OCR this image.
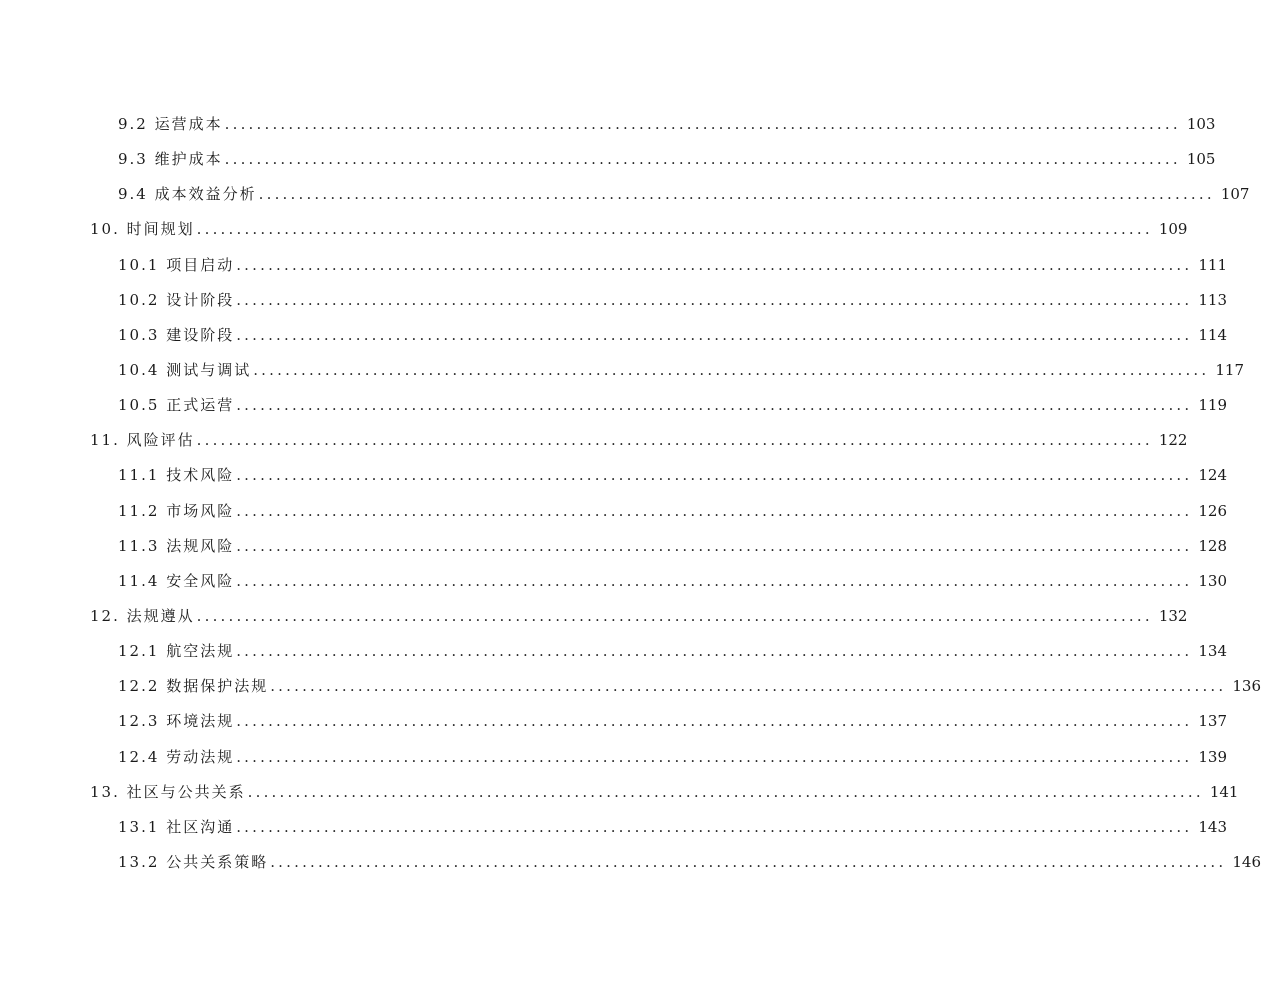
9.2 运营成本 ........................................................................................................................ 103
9.3 维护成本 ........................................................................................................................ 105
9.4 成本效益分析 ........................................................................................................................ 107
10. 时间规划 ........................................................................................................................ 109
10.1 项目启动 ........................................................................................................................ 111
10.2 设计阶段 ........................................................................................................................ 113
10.3 建设阶段 ........................................................................................................................ 114
10.4 测试与调试 ........................................................................................................................ 117
10.5 正式运营 ........................................................................................................................ 119
11. 风险评估 ........................................................................................................................ 122
11.1 技术风险 ........................................................................................................................ 124
11.2 市场风险 ........................................................................................................................ 126
11.3 法规风险 ........................................................................................................................ 128
11.4 安全风险 ........................................................................................................................ 130
12. 法规遵从 ........................................................................................................................ 132
12.1 航空法规 ........................................................................................................................ 134
12.2 数据保护法规 ........................................................................................................................ 136
12.3 环境法规 ........................................................................................................................ 137
12.4 劳动法规 ........................................................................................................................ 139
13. 社区与公共关系 ........................................................................................................................ 141
13.1 社区沟通 ........................................................................................................................ 143
13.2 公共关系策略 ........................................................................................................................ 146
